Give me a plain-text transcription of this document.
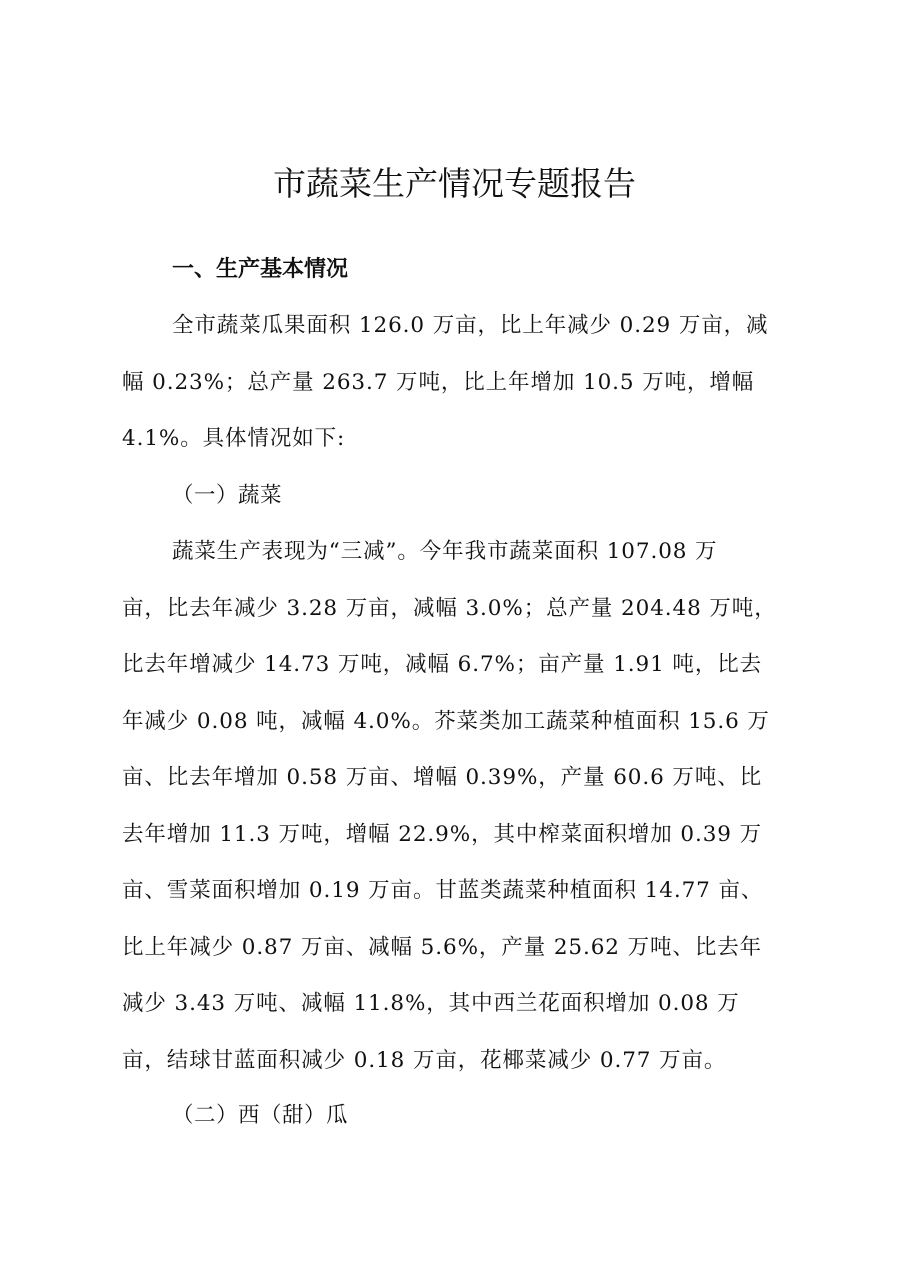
市蔬菜生产情况专题报告
一、生产基本情况
全市蔬菜瓜果面积 126.0 万亩，比上年减少 0.29 万亩，减
幅 0.23%；总产量 263.7 万吨，比上年增加 10.5 万吨，增幅
4.1%。具体情况如下:
（一）蔬菜
蔬菜生产表现为“三减”。今年我市蔬菜面积 107.08 万
亩，比去年减少 3.28 万亩，减幅 3.0%；总产量 204.48 万吨，
比去年增减少 14.73 万吨，减幅 6.7%；亩产量 1.91 吨，比去
年减少 0.08 吨，减幅 4.0%。芥菜类加工蔬菜种植面积 15.6 万
亩、比去年增加 0.58 万亩、增幅 0.39%，产量 60.6 万吨、比
去年增加 11.3 万吨，增幅 22.9%，其中榨菜面积增加 0.39 万
亩、雪菜面积增加 0.19 万亩。甘蓝类蔬菜种植面积 14.77 亩、
比上年减少 0.87 万亩、减幅 5.6%，产量 25.62 万吨、比去年
减少 3.43 万吨、减幅 11.8%，其中西兰花面积增加 0.08 万
亩，结球甘蓝面积减少 0.18 万亩，花椰菜减少 0.77 万亩。
（二）西（甜）瓜
